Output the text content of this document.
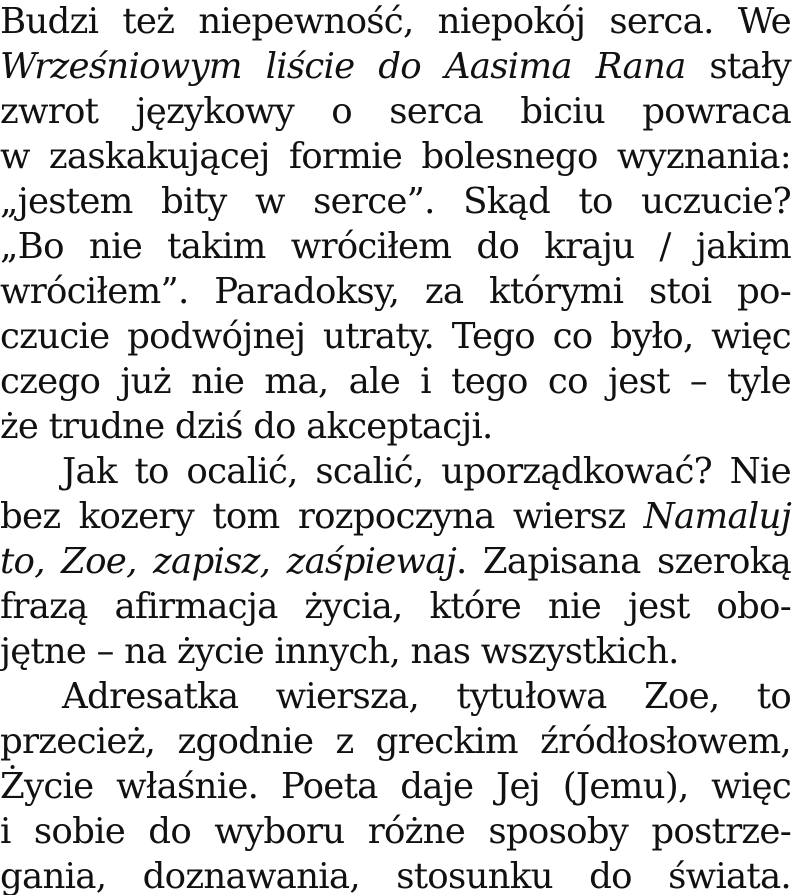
Budzi też niepewność, niepokój serca. We
Wrześniowym liście do Aasima Rana stały
zwrot językowy o serca biciu powraca
w zaskakującej formie bolesnego wyznania:
„jestem bity w serce”. Skąd to uczucie?
„Bo nie takim wróciłem do kraju / jakim
wróciłem”. Paradoksy, za którymi stoi po-
czucie podwójnej utraty. Tego co było, więc
czego już nie ma, ale i tego co jest – tyle
że trudne dziś do akceptacji.
Jak to ocalić, scalić, uporządkować? Nie
bez kozery tom rozpoczyna wiersz Namaluj
to, Zoe, zapisz, zaśpiewaj. Zapisana szeroką
frazą afirmacja życia, które nie jest obo-
jętne – na życie innych, nas wszystkich.
Adresatka wiersza, tytułowa Zoe, to
przecież, zgodnie z greckim źródłosłowem,
Życie właśnie. Poeta daje Jej (Jemu), więc
i sobie do wyboru różne sposoby postrze-
gania, doznawania, stosunku do świata.
